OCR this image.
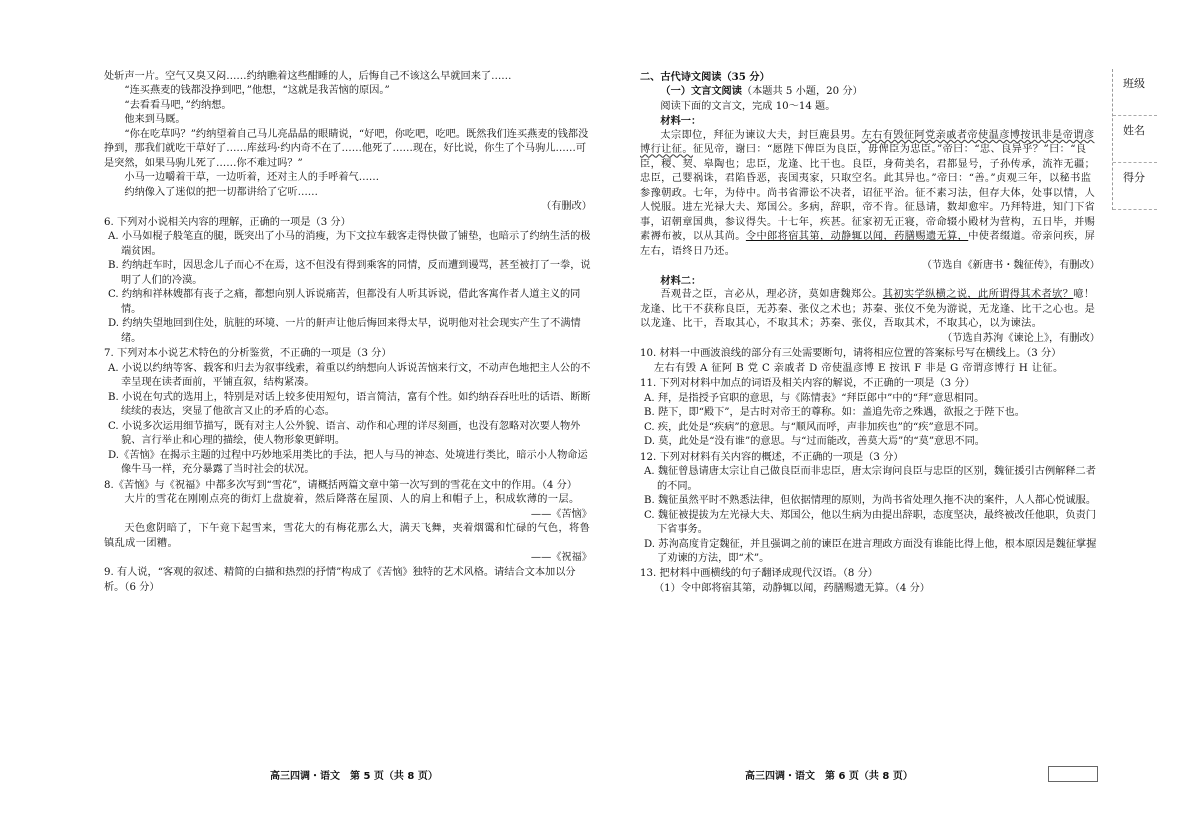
处斩声一片。空气又臭又闷……约纳瞧着这些酣睡的人，后悔自己不该这么早就回来了……

“连买燕麦的钱都没挣到吧，”他想，“这就是我苦恼的原因。”

“去看看马吧，”约纳想。

他来到马厩。

“你在吃草吗？”约纳望着自己马儿亮晶晶的眼睛说，“好吧，你吃吧，吃吧。既然我们连买燕麦的钱都没挣到，那我们就吃干草好了……库兹玛·约内奇不在了……他死了……现在，好比说，你生了个马驹儿……可是突然，如果马驹儿死了……你不难过吗？”

小马一边嚼着干草，一边听着，还对主人的手呼着气……

约纳像入了迷似的把一切都讲给了它听……

（有删改）

6. 下列对小说相关内容的理解，正确的一项是（3 分）

A. 小马如棍子般笔直的腿，既突出了小马的消瘦，为下文拉车载客走得快做了铺垫，也暗示了约纳生活的极端贫困。

B. 约纳赶车时，因思念儿子而心不在焉，这不但没有得到乘客的同情，反而遭到谩骂，甚至被打了一拳，说明了人们的冷漠。

C. 约纳和祥林嫂都有丧子之痛，都想向别人诉说痛苦，但都没有人听其诉说，借此客寓作者人道主义的同情。

D. 约纳失望地回到住处，肮脏的环境、一片的鼾声让他后悔回来得太早，说明他对社会现实产生了不满情绪。

7. 下列对本小说艺术特色的分析鉴赏，不正确的一项是（3 分）

A. 小说以约纳等客、载客和归去为叙事线索，着重以约纳想向人诉说苦恼来行文，不动声色地把主人公的不幸呈现在读者面前，平铺直叙，结构紧凑。

B. 小说在句式的选用上，特别是对话上较多使用短句，语言简洁，富有个性。如约纳吞吞吐吐的话语、断断续续的表达，突显了他欲言又止的矛盾的心态。

C. 小说多次运用细节描写，既有对主人公外貌、语言、动作和心理的详尽刻画，也没有忽略对次要人物外貌、言行举止和心理的描绘，使人物形象更鲜明。

D.《苦恼》在揭示主题的过程中巧妙地采用类比的手法，把人与马的神态、处境进行类比，暗示小人物命运像牛马一样，充分暴露了当时社会的状况。

8.《苦恼》与《祝福》中都多次写到“雪花”，请概括两篇文章中第一次写到的雪花在文中的作用。（4 分）

大片的雪花在刚刚点亮的街灯上盘旋着，然后降落在屋顶、人的肩上和帽子上，积成软薄的一层。

——《苦恼》

天色愈阴暗了，下午竟下起雪来，雪花大的有梅花那么大，满天飞舞，夹着烟霭和忙碌的气色，将鲁镇乱成一团糟。

——《祝福》

9. 有人说，“客观的叙述、精简的白描和热烈的抒情”构成了《苦恼》独特的艺术风格。请结合文本加以分析。（6 分）

二、古代诗文阅读（35 分）

（一）文言文阅读（本题共 5 小题，20 分）

阅读下面的文言文，完成 10～14 题。

材料一：

太宗即位，拜征为谏议大夫，封巨鹿县男。左右有毁征阿党亲戚者帝使温彦博按讯非是帝谓彦博行让征。征见帝，谢曰：“愿陛下俾臣为良臣，毋俾臣为忠臣。”帝曰：“忠、良异乎？”曰：“良臣，稷、契、皋陶也；忠臣，龙逢、比干也。良臣，身荷美名，君都显号，子孙传承，流祚无疆；忠臣，己婴祸诛，君陷昏恶，丧国夷家，只取空名。此其异也。”帝曰：“善。”贞观三年，以秘书监参豫朝政。七年，为侍中。尚书省滞讼不决者，诏征平治。征不素习法，但存大体，处事以情，人人悦服。进左光禄大夫、郑国公。多病，辞职，帝不肯。征恳请，数却愈牢。乃拜特进，知门下省事，诏朝章国典，参议得失。十七年，疾甚。征家初无正寝，帝命辍小殿材为营构，五日毕，并赐素褥布被，以从其尚。令中郎将宿其第，动静辄以闻，药膳赐遗无算，中使者缀道。帝亲问疾，屏左右，语终日乃还。

（节选自《新唐书・魏征传》，有删改）

材料二：

吾观昔之臣，言必从，理必济，莫如唐魏郑公。其初实学纵横之说，此所谓得其术者欤？噫！龙逢、比干不获称良臣，无苏秦、张仪之术也；苏秦、张仪不免为游说，无龙逢、比干之心也。是以龙逢、比干，吾取其心，不取其术；苏秦、张仪，吾取其术，不取其心，以为谏法。

（节选自苏洵《谏论上》，有删改）

10. 材料一中画波浪线的部分有三处需要断句，请将相应位置的答案标号写在横线上。（3 分）

左右有毁 A 征阿 B 党 C 亲戚者 D 帝使温彦博 E 按讯 F 非是 G 帝谓彦博行 H 让征。

11. 下列对材料中加点的词语及相关内容的解说，不正确的一项是（3 分）

A. 拜，是指授予官职的意思，与《陈情表》“拜臣郎中”中的“拜”意思相同。

B. 陛下，即“殿下”，是古时对帝王的尊称。如：盖追先帝之殊遇，欲报之于陛下也。

C. 疾，此处是“疾病”的意思。与“顺风而呼，声非加疾也”的“疾”意思不同。

D. 莫，此处是“没有谁”的意思。与“过而能改，善莫大焉”的“莫”意思不同。

12. 下列对材料有关内容的概述，不正确的一项是（3 分）

A. 魏征曾恳请唐太宗让自己做良臣而非忠臣，唐太宗询问良臣与忠臣的区别，魏征援引古例解释二者的不同。

B. 魏征虽然平时不熟悉法律，但依据情理的原则，为尚书省处理久拖不决的案件，人人都心悦诚服。

C. 魏征被提拔为左光禄大夫、郑国公，他以生病为由提出辞职，态度坚决，最终被改任他职，负责门下省事务。

D. 苏洵高度肯定魏征，并且强调之前的谏臣在进言理政方面没有谁能比得上他，根本原因是魏征掌握了劝谏的方法，即“术”。

13. 把材料中画横线的句子翻译成现代汉语。（8 分）

（1）令中郎将宿其第，动静辄以闻，药膳赐遗无算。（4 分）

高三四调・语文　第 5 页（共 8 页）	高三四调・语文　第 6 页（共 8 页）
班级
姓名
得分
